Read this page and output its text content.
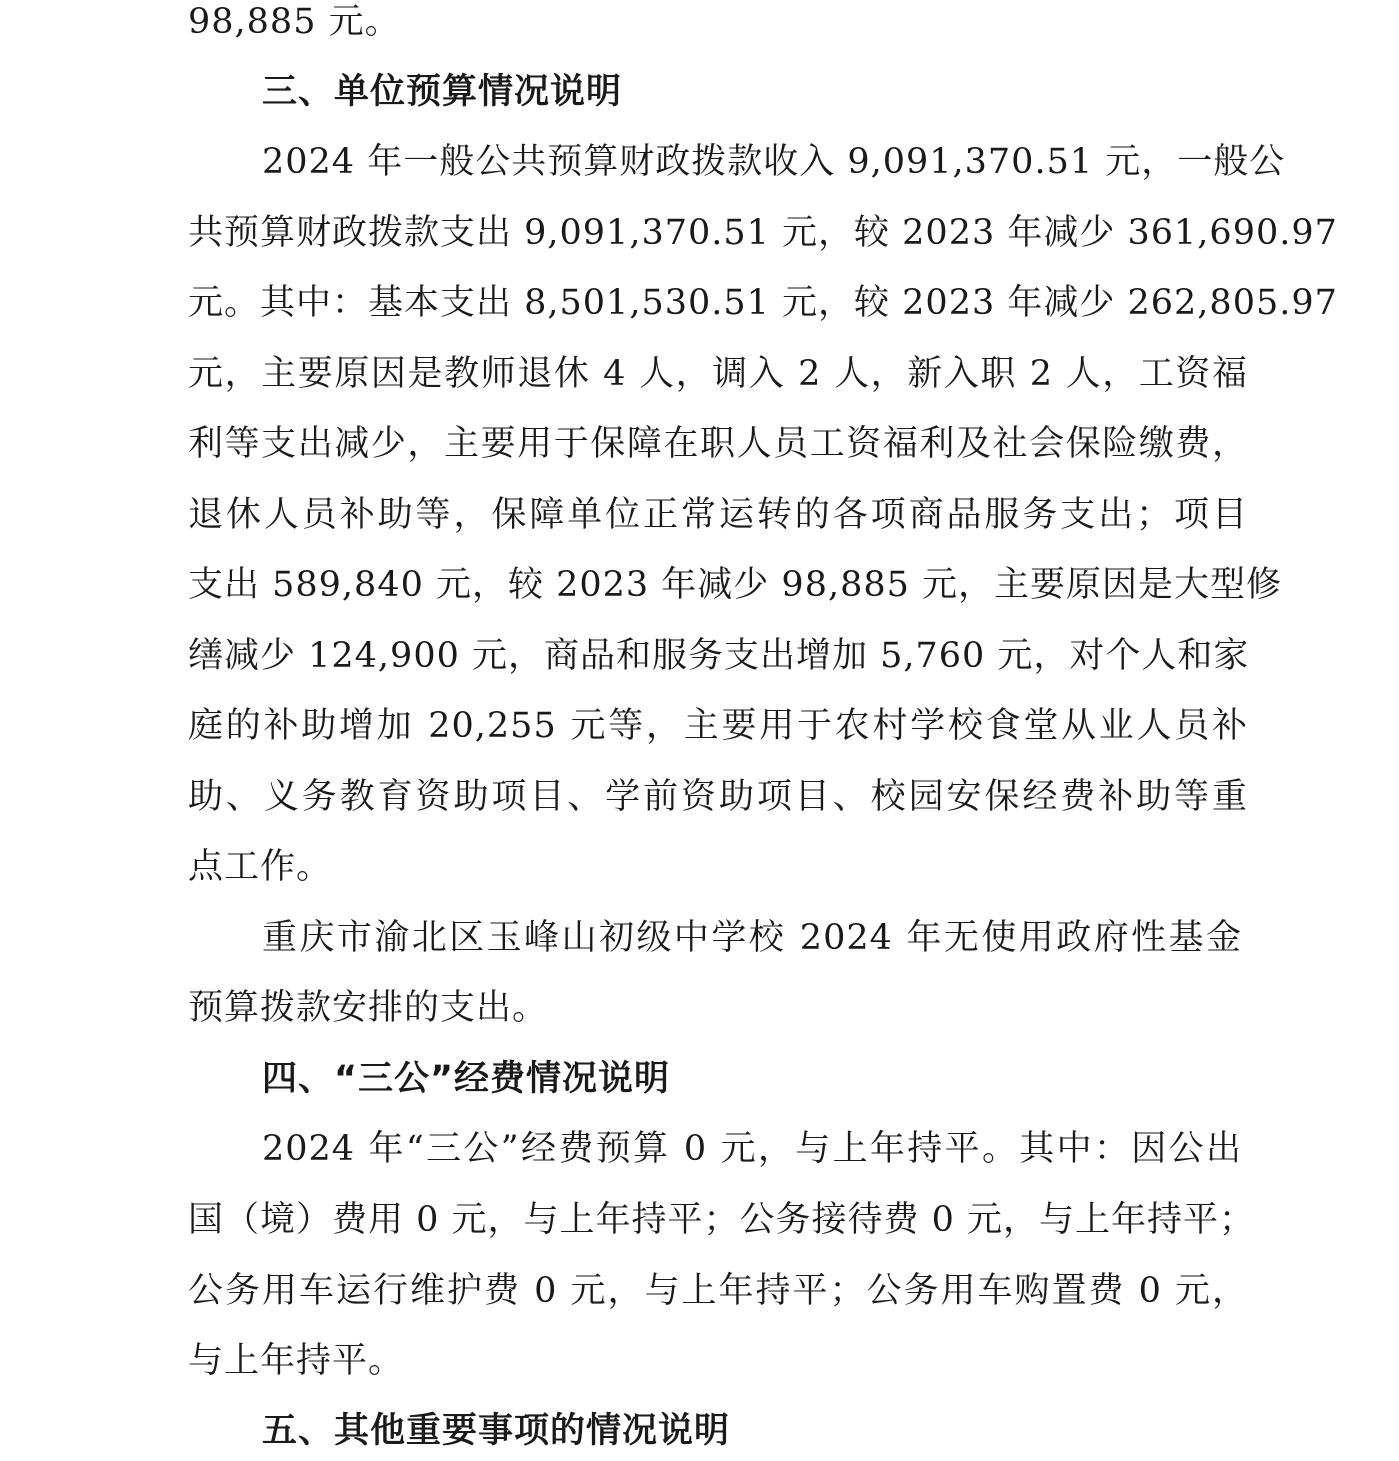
98,885 元。
三、单位预算情况说明
2024 年一般公共预算财政拨款收入 9,091,370.51 元，一般公
共预算财政拨款支出 9,091,370.51 元，较 2023 年减少 361,690.97
元。其中：基本支出 8,501,530.51 元，较 2023 年减少 262,805.97
元，主要原因是教师退休 4 人，调入 2 人，新入职 2 人，工资福
利等支出减少，主要用于保障在职人员工资福利及社会保险缴费，
退休人员补助等，保障单位正常运转的各项商品服务支出；项目
支出 589,840 元，较 2023 年减少 98,885 元，主要原因是大型修
缮减少 124,900 元，商品和服务支出增加 5,760 元，对个人和家
庭的补助增加 20,255 元等，主要用于农村学校食堂从业人员补
助、义务教育资助项目、学前资助项目、校园安保经费补助等重
点工作。
重庆市渝北区玉峰山初级中学校 2024 年无使用政府性基金
预算拨款安排的支出。
四、“三公”经费情况说明
2024 年“三公”经费预算 0 元，与上年持平。其中：因公出
国（境）费用 0 元，与上年持平；公务接待费 0 元，与上年持平；
公务用车运行维护费 0 元，与上年持平；公务用车购置费 0 元，
与上年持平。
五、其他重要事项的情况说明
